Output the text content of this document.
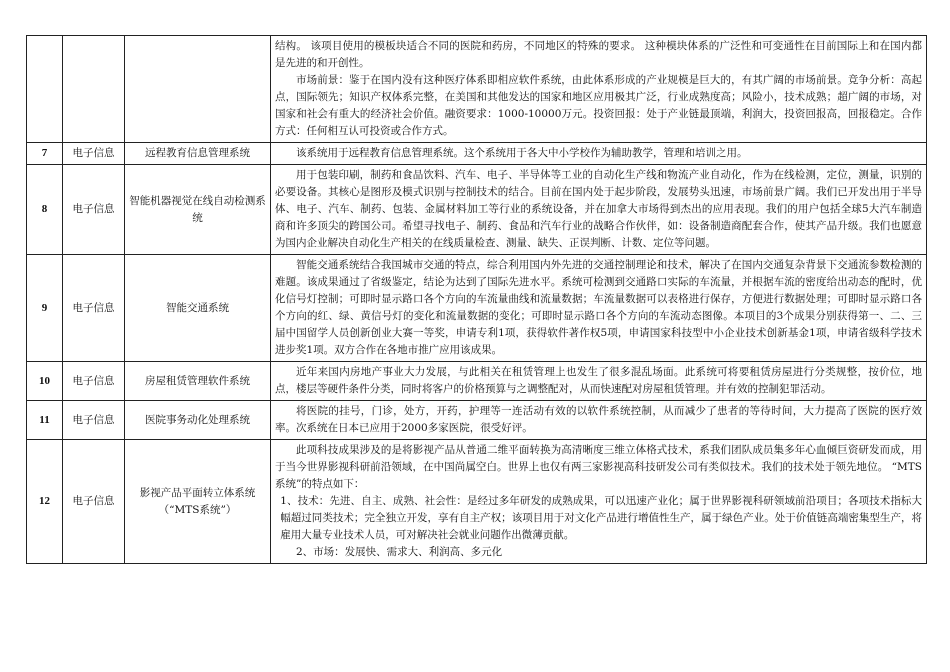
			结构。 该项目使用的模板块适合不同的医院和药房，不同地区的特殊的要求。 这种模块体系的广泛性和可变通性在目前国际上和在国内都是先进的和开创性。

市场前景：鉴于在国内没有这种医疗体系即相应软件系统，由此体系形成的产业规模是巨大的，有其广阔的市场前景。竞争分析：高起点，国际领先；知识产权体系完整，在美国和其他发达的国家和地区应用极其广泛，行业成熟度高；风险小，技术成熟；超广阔的市场，对国家和社会有重大的经济社会价值。融资要求：1000-10000万元。投资回报：处于产业链最顶端，利润大，投资回报高，回报稳定。合作方式：任何相互认可投资或合作方式。

7	电子信息	远程教育信息管理系统	该系统用于远程教育信息管理系统。这个系统用于各大中小学校作为辅助教学，管理和培训之用。

8	电子信息	智能机器视觉在线自动检测系统	用于包装印刷，制药和食品饮料、汽车、电子、半导体等工业的自动化生产线和物流产业自动化，作为在线检测，定位，测量，识别的必要设备。其核心是图形及模式识别与控制技术的结合。目前在国内处于起步阶段，发展势头迅速，市场前景广阔。我们已开发出用于半导体、电子、汽车、制药、包装、金属材料加工等行业的系统设备，并在加拿大市场得到杰出的应用表现。我们的用户包括全球5大汽车制造商和许多顶尖的跨国公司。希望寻找电子、制药、食品和汽车行业的战略合作伙伴，如：设备制造商配套合作，使其产品升级。我们也愿意为国内企业解决自动化生产相关的在线质量检查、测量、缺失、正误判断、计数、定位等问题。

9	电子信息	智能交通系统	智能交通系统结合我国城市交通的特点，综合利用国内外先进的交通控制理论和技术，解决了在国内交通复杂背景下交通流参数检测的难题。该成果通过了省级鉴定，结论为达到了国际先进水平。系统可检测到交通路口实际的车流量，并根据车流的密度给出动态的配时，优化信号灯控制；可即时显示路口各个方向的车流量曲线和流量数据；车流量数据可以表格进行保存，方便进行数据处理；可即时显示路口各个方向的红、绿、黄信号灯的变化和流量数据的变化；可即时显示路口各个方向的车流动态图像。本项目的3个成果分别获得第一、二、三届中国留学人员创新创业大赛一等奖，申请专利1项，获得软件著作权5项，申请国家科技型中小企业技术创新基金1项，申请省级科学技术进步奖1项。双方合作在各地市推广应用该成果。

10	电子信息	房屋租赁管理软件系统	近年来国内房地产事业大力发展，与此相关在租赁管理上也发生了很多混乱场面。此系统可将要租赁房屋进行分类规整，按价位，地点，楼层等硬件条件分类，同时将客户的价格预算与之调整配对，从而快速配对房屋租赁管理。并有效的控制犯罪活动。

11	电子信息	医院事务动化处理系统	将医院的挂号，门诊，处方，开药，护理等一连活动有效的以软件系统控制，从而减少了患者的等待时间，大力提高了医院的医疗效率。次系统在日本已应用于2000多家医院，很受好评。

12	电子信息	影视产品平面转立体系统（“MTS系统”）	此项科技成果涉及的是将影视产品从普通二维平面转换为高清晰度三维立体格式技术，系我们团队成员集多年心血倾巨资研发而成，用于当今世界影视科研前沿领域，在中国尚属空白。世界上也仅有两三家影视高科技研发公司有类似技术。我们的技术处于领先地位。 “MTS系统”的特点如下：

1、技术：先进、自主、成熟、社会性：是经过多年研发的成熟成果，可以迅速产业化；属于世界影视科研领域前沿项目；各项技术指标大幅超过同类技术；完全独立开发，享有自主产权；该项目用于对文化产品进行增值性生产，属于绿色产业。处于价值链高端密集型生产，将雇用大量专业技术人员，可对解决社会就业问题作出微薄贡献。

2、市场：发展快、需求大、利润高、多元化
